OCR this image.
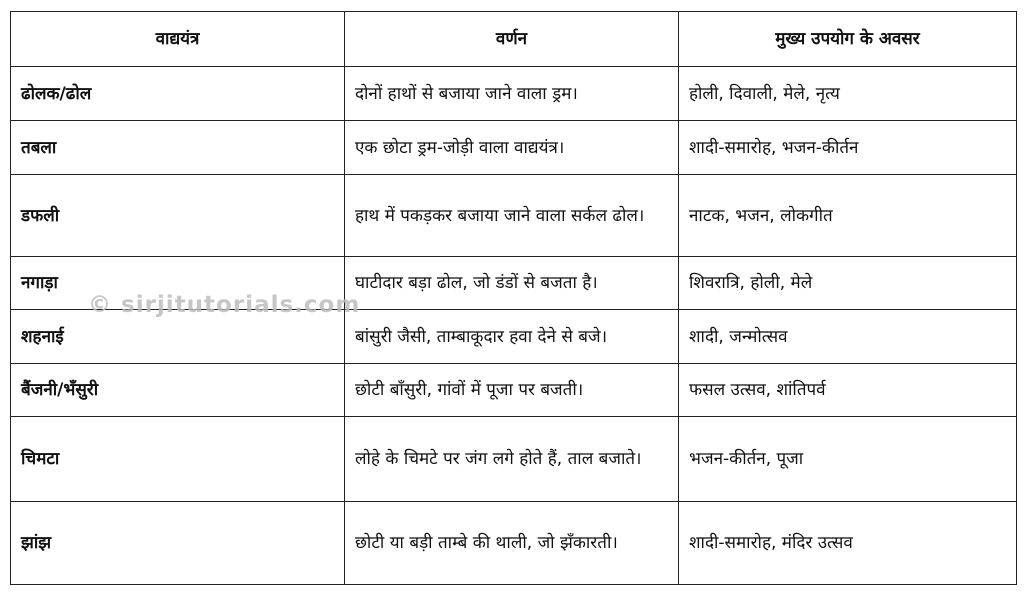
वाद्ययंत्र	वर्णन	मुख्य उपयोग के अवसर
ढोलक/ढोल	दोनों हाथों से बजाया जाने वाला ड्रम।	होली, दिवाली, मेले, नृत्य
तबला	एक छोटा ड्रम-जोड़ी वाला वाद्ययंत्र।	शादी-समारोह, भजन-कीर्तन
डफली	हाथ में पकड़कर बजाया जाने वाला सर्कल ढोल।	नाटक, भजन, लोकगीत
नगाड़ा	घाटीदार बड़ा ढोल, जो डंडों से बजता है।	शिवरात्रि, होली, मेले
शहनाई	बांसुरी जैसी, ताम्बाकूदार हवा देने से बजे।	शादी, जन्मोत्सव
बैंजनी/भँसुरी	छोटी बाँसुरी, गांवों में पूजा पर बजती।	फसल उत्सव, शांतिपर्व
चिमटा	लोहे के चिमटे पर जंग लगे होते हैं, ताल बजाते।	भजन-कीर्तन, पूजा
झांझ	छोटी या बड़ी ताम्बे की थाली, जो झँकारती।	शादी-समारोह, मंदिर उत्सव
© sirjitutorials.com
